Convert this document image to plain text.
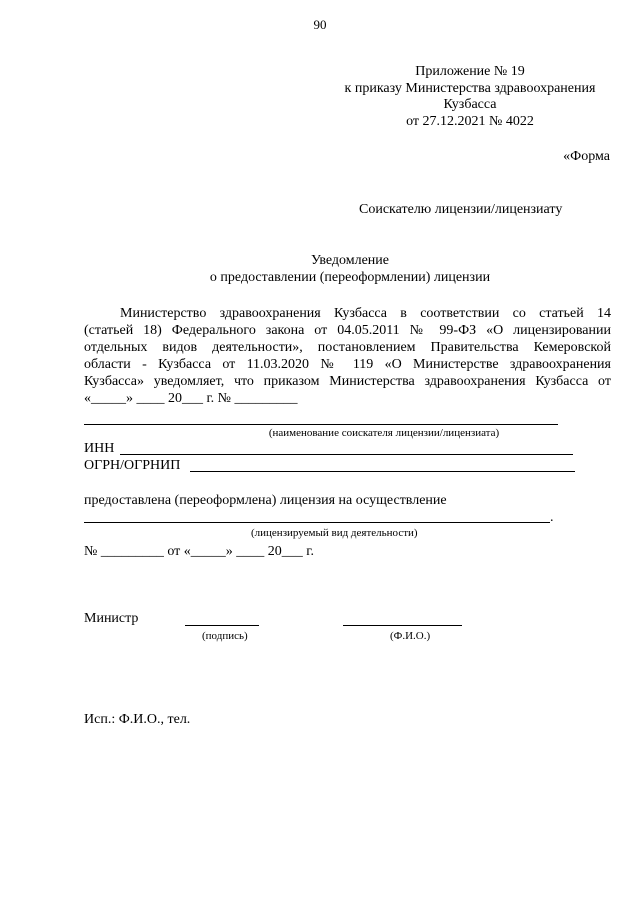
90
Приложение № 19
к приказу Министерства здравоохранения
Кузбасса
от 27.12.2021 № 4022
«Форма
Соискателю лицензии/лицензиату
Уведомление
о предоставлении (переоформлении) лицензии
Министерство здравоохранения Кузбасса в соответствии со статьей 14
(статьей 18) Федерального закона от 04.05.2011 № 99-ФЗ «О лицензировании
отдельных видов деятельности», постановлением Правительства Кемеровской
области - Кузбасса от 11.03.2020 № 119 «О Министерстве здравоохранения
Кузбасса» уведомляет, что приказом Министерства здравоохранения Кузбасса от
«_____» ____ 20___ г. № _________
(наименование соискателя лицензии/лицензиата)
ИНН
ОГРН/ОГРНИП
предоставлена (переоформлена) лицензия на осуществление
.
(лицензируемый вид деятельности)
№ _________ от «_____» ____ 20___ г.
Министр
(подпись)	(Ф.И.О.)
Исп.: Ф.И.О., тел.
